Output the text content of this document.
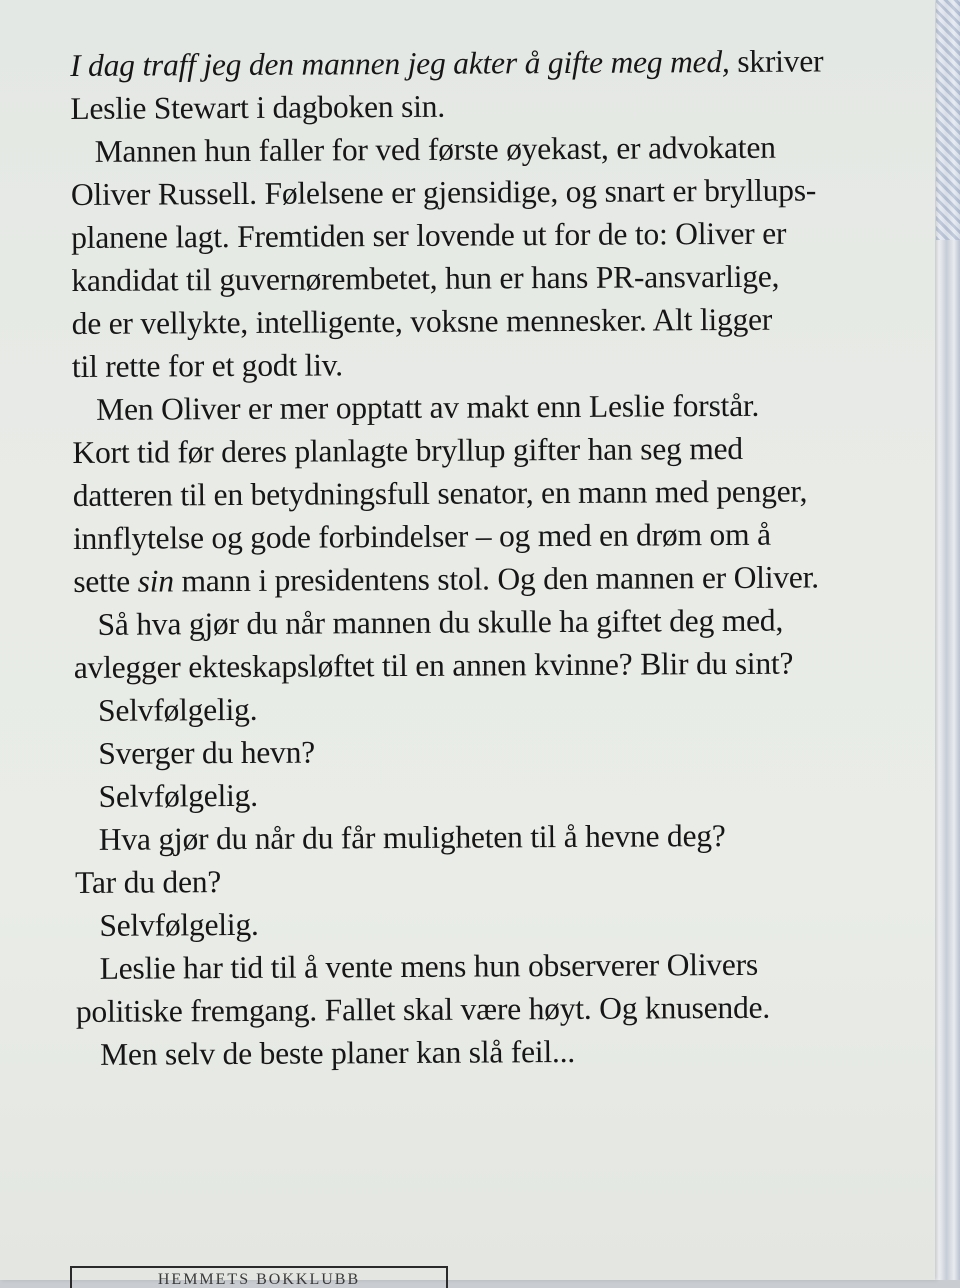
I dag traff jeg den mannen jeg akter å gifte meg med, skriver
Leslie Stewart i dagboken sin.
Mannen hun faller for ved første øyekast, er advokaten
Oliver Russell. Følelsene er gjensidige, og snart er bryllups-
planene lagt. Fremtiden ser lovende ut for de to: Oliver er
kandidat til guvernørembetet, hun er hans PR-ansvarlige,
de er vellykte, intelligente, voksne mennesker. Alt ligger
til rette for et godt liv.
Men Oliver er mer opptatt av makt enn Leslie forstår.
Kort tid før deres planlagte bryllup gifter han seg med
datteren til en betydningsfull senator, en mann med penger,
innflytelse og gode forbindelser – og med en drøm om å
sette sin mann i presidentens stol. Og den mannen er Oliver.
Så hva gjør du når mannen du skulle ha giftet deg med,
avlegger ekteskapsløftet til en annen kvinne? Blir du sint?
Selvfølgelig.
Sverger du hevn?
Selvfølgelig.
Hva gjør du når du får muligheten til å hevne deg?
Tar du den?
Selvfølgelig.
Leslie har tid til å vente mens hun observerer Olivers
politiske fremgang. Fallet skal være høyt. Og knusende.
Men selv de beste planer kan slå feil...
HEMMETS BOKKLUBB
